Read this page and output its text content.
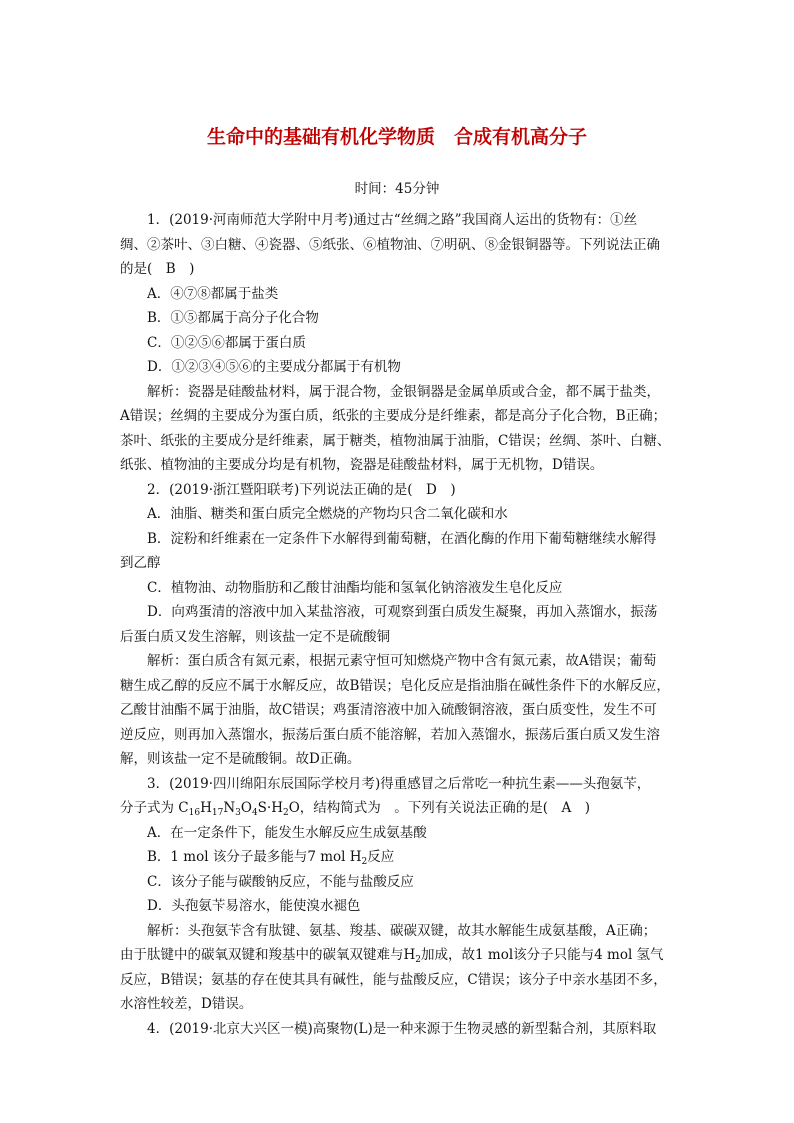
生命中的基础有机化学物质　合成有机高分子
时间：45分钟
1．(2019·河南师范大学附中月考)通过古“丝绸之路”我国商人运出的货物有：①丝
绸、②茶叶、③白糖、④瓷器、⑤纸张、⑥植物油、⑦明矾、⑧金银铜器等。下列说法正确
的是(　B　)
A．④⑦⑧都属于盐类
B．①⑤都属于高分子化合物
C．①②⑤⑥都属于蛋白质
D．①②③④⑤⑥的主要成分都属于有机物
解析：瓷器是硅酸盐材料，属于混合物，金银铜器是金属单质或合金，都不属于盐类，
A错误；丝绸的主要成分为蛋白质，纸张的主要成分是纤维素，都是高分子化合物，B正确；
茶叶、纸张的主要成分是纤维素，属于糖类，植物油属于油脂，C错误；丝绸、茶叶、白糖、
纸张、植物油的主要成分均是有机物，瓷器是硅酸盐材料，属于无机物，D错误。
2．(2019·浙江暨阳联考)下列说法正确的是(　D　)
A．油脂、糖类和蛋白质完全燃烧的产物均只含二氧化碳和水
B．淀粉和纤维素在一定条件下水解得到葡萄糖，在酒化酶的作用下葡萄糖继续水解得
到乙醇
C．植物油、动物脂肪和乙酸甘油酯均能和氢氧化钠溶液发生皂化反应
D．向鸡蛋清的溶液中加入某盐溶液，可观察到蛋白质发生凝聚，再加入蒸馏水，振荡
后蛋白质又发生溶解，则该盐一定不是硫酸铜
解析：蛋白质含有氮元素，根据元素守恒可知燃烧产物中含有氮元素，故A错误；葡萄
糖生成乙醇的反应不属于水解反应，故B错误；皂化反应是指油脂在碱性条件下的水解反应，
乙酸甘油酯不属于油脂，故C错误；鸡蛋清溶液中加入硫酸铜溶液，蛋白质变性，发生不可
逆反应，则再加入蒸馏水，振荡后蛋白质不能溶解，若加入蒸馏水，振荡后蛋白质又发生溶
解，则该盐一定不是硫酸铜。故D正确。
3．(2019·四川绵阳东辰国际学校月考)得重感冒之后常吃一种抗生素——头孢氨苄，
分子式为 $C_{16}H_{17}N_3O_4S\cdot H_2O$，结构简式为　。下列有关说法正确的是(　A　)
A．在一定条件下，能发生水解反应生成氨基酸
B．1 mol 该分子最多能与7 mol $H_2$反应
C．该分子能与碳酸钠反应，不能与盐酸反应
D．头孢氨苄易溶水，能使溴水褪色
解析：头孢氨苄含有肽键、氨基、羧基、碳碳双键，故其水解能生成氨基酸，A正确；
由于肽键中的碳氧双键和羧基中的碳氧双键难与$H_2$加成，故1 mol该分子只能与4 mol 氢气
反应，B错误；氨基的存在使其具有碱性，能与盐酸反应，C错误；该分子中亲水基团不多，
水溶性较差，D错误。
4．(2019·北京大兴区一模)高聚物(L)是一种来源于生物灵感的新型黏合剂，其原料取
